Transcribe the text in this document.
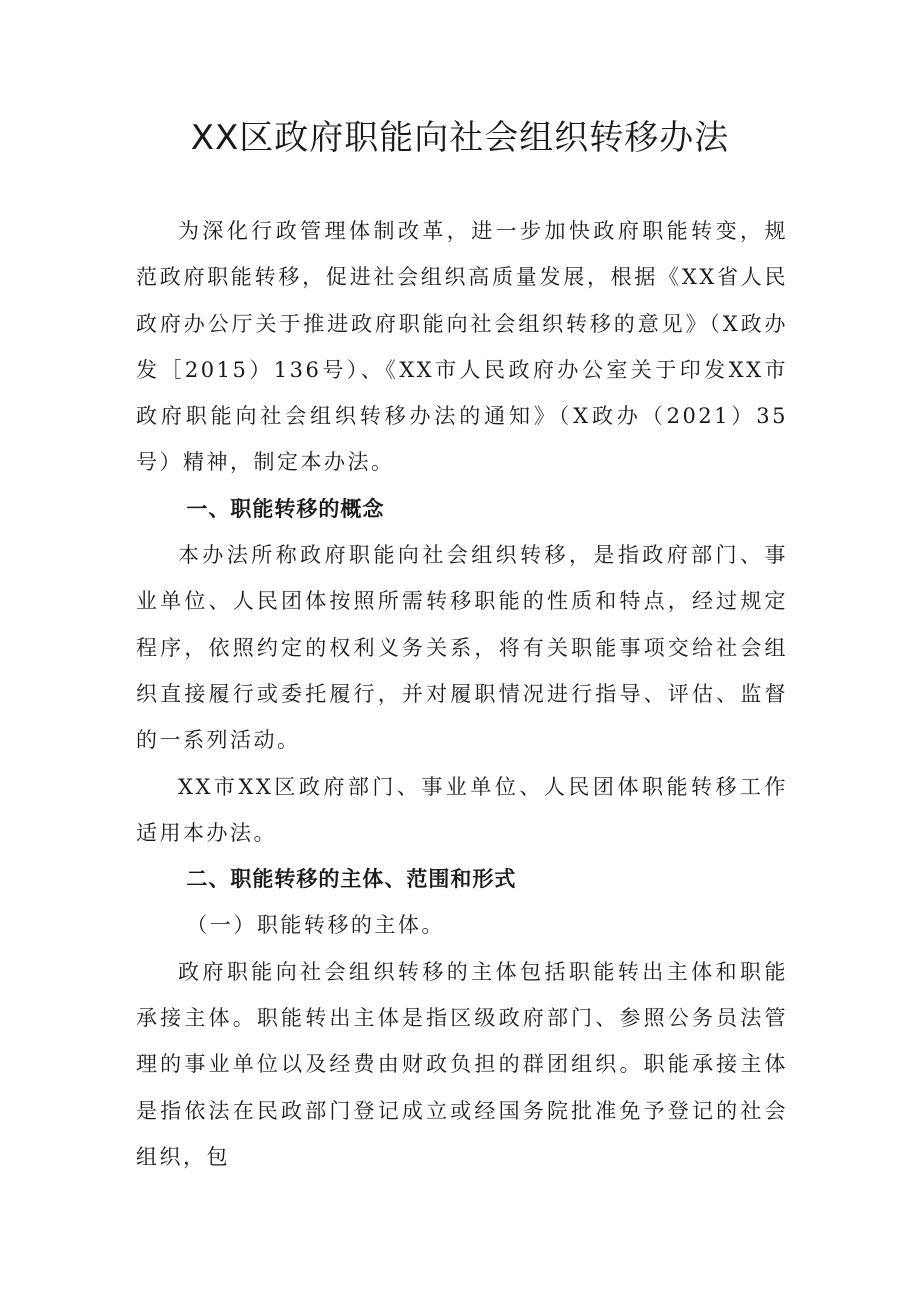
XX区政府职能向社会组织转移办法

为深化行政管理体制改革，进一步加快政府职能转变，规范政府职能转移，促进社会组织高质量发展，根据《XX省人民政府办公厅关于推进政府职能向社会组织转移的意见》（X政办发［2015）136号）、《XX市人民政府办公室关于印发XX市政府职能向社会组织转移办法的通知》（X政办（2021）35号）精神，制定本办法。

一、职能转移的概念

本办法所称政府职能向社会组织转移，是指政府部门、事业单位、人民团体按照所需转移职能的性质和特点，经过规定程序，依照约定的权利义务关系，将有关职能事项交给社会组织直接履行或委托履行，并对履职情况进行指导、评估、监督的一系列活动。

XX市XX区政府部门、事业单位、人民团体职能转移工作适用本办法。

二、职能转移的主体、范围和形式

（一）职能转移的主体。

政府职能向社会组织转移的主体包括职能转出主体和职能承接主体。职能转出主体是指区级政府部门、参照公务员法管理的事业单位以及经费由财政负担的群团组织。职能承接主体是指依法在民政部门登记成立或经国务院批准免予登记的社会组织，包
